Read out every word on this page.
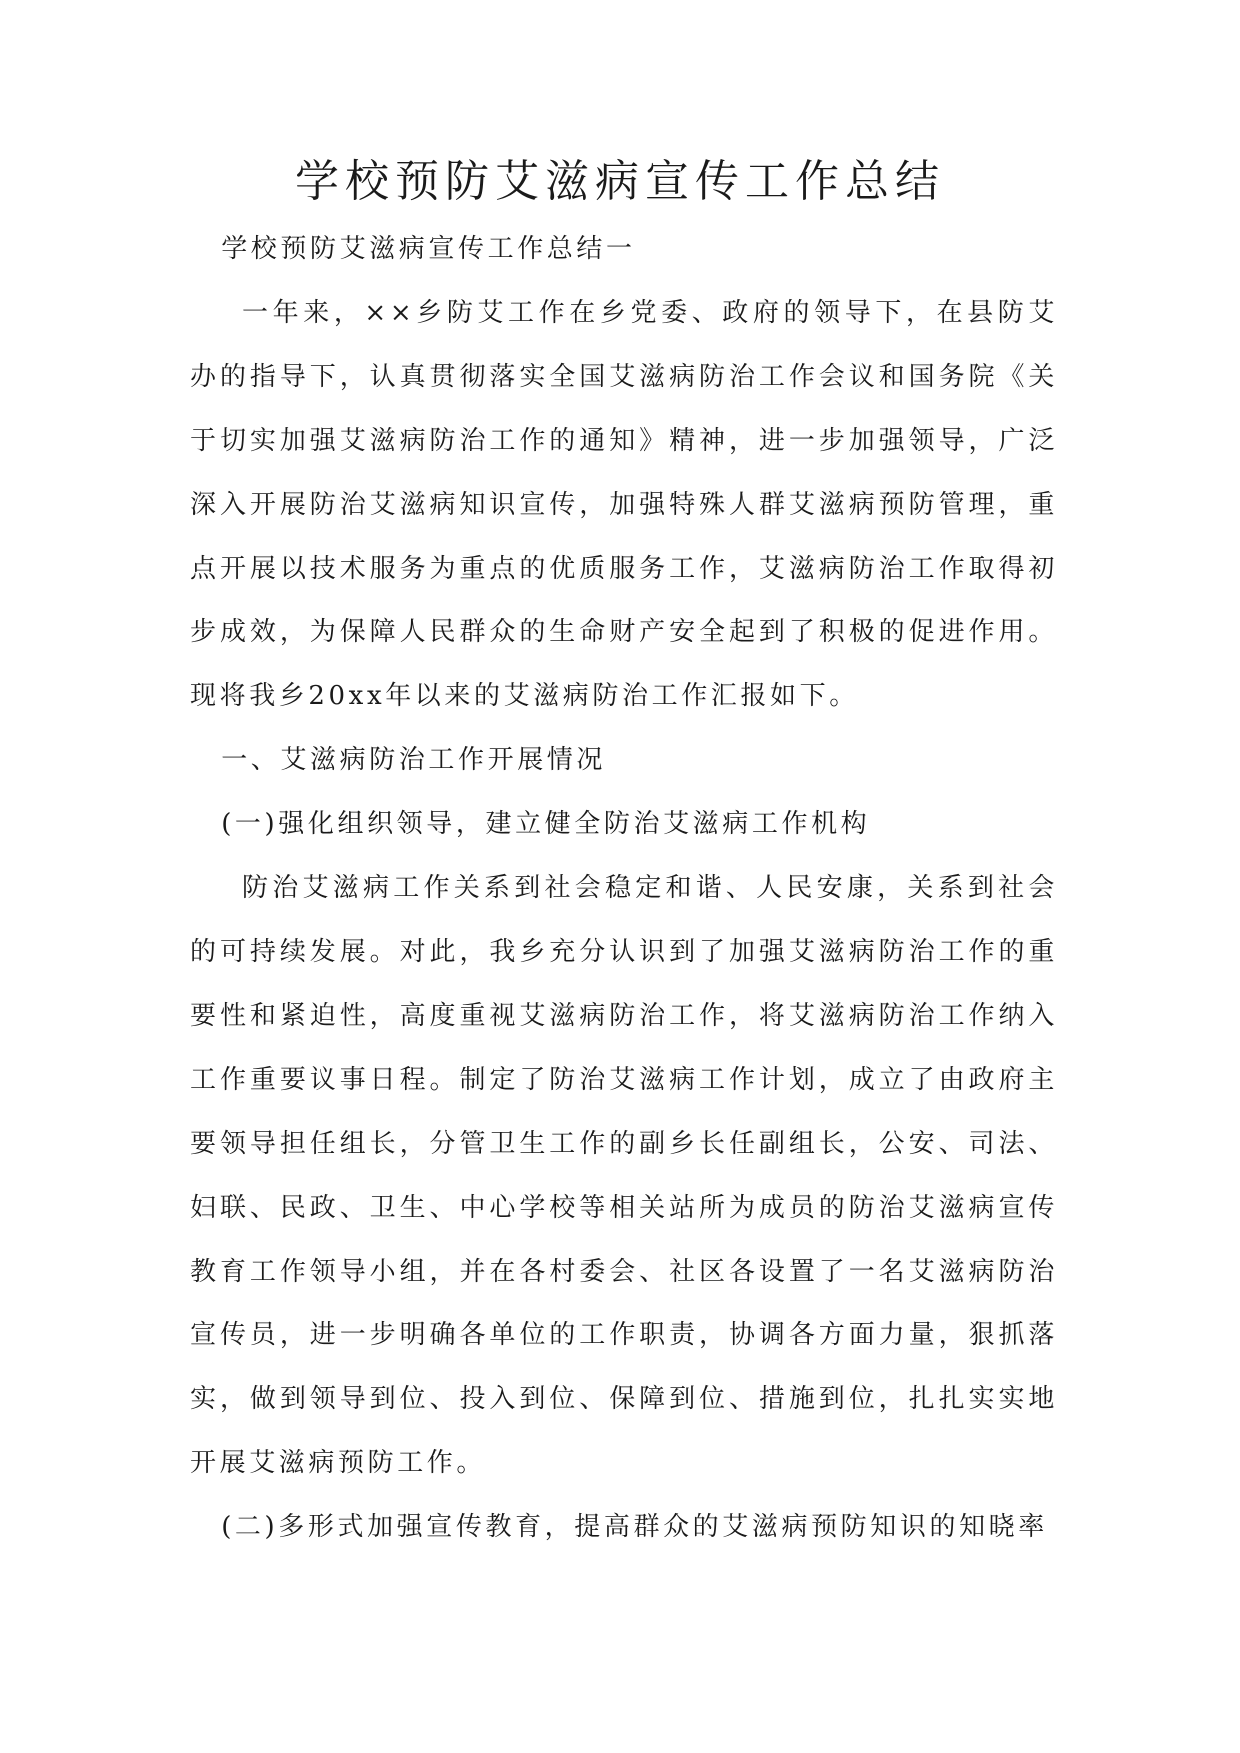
学校预防艾滋病宣传工作总结

学校预防艾滋病宣传工作总结一

一年来，××乡防艾工作在乡党委、政府的领导下，在县防艾办的指导下，认真贯彻落实全国艾滋病防治工作会议和国务院《关于切实加强艾滋病防治工作的通知》精神，进一步加强领导，广泛深入开展防治艾滋病知识宣传，加强特殊人群艾滋病预防管理，重点开展以技术服务为重点的优质服务工作，艾滋病防治工作取得初步成效，为保障人民群众的生命财产安全起到了积极的促进作用。现将我乡20xx年以来的艾滋病防治工作汇报如下。

一、艾滋病防治工作开展情况

(一)强化组织领导，建立健全防治艾滋病工作机构

防治艾滋病工作关系到社会稳定和谐、人民安康，关系到社会的可持续发展。对此，我乡充分认识到了加强艾滋病防治工作的重要性和紧迫性，高度重视艾滋病防治工作，将艾滋病防治工作纳入工作重要议事日程。制定了防治艾滋病工作计划，成立了由政府主要领导担任组长，分管卫生工作的副乡长任副组长，公安、司法、妇联、民政、卫生、中心学校等相关站所为成员的防治艾滋病宣传教育工作领导小组，并在各村委会、社区各设置了一名艾滋病防治宣传员，进一步明确各单位的工作职责，协调各方面力量，狠抓落实，做到领导到位、投入到位、保障到位、措施到位，扎扎实实地开展艾滋病预防工作。

(二)多形式加强宣传教育，提高群众的艾滋病预防知识的知晓率
